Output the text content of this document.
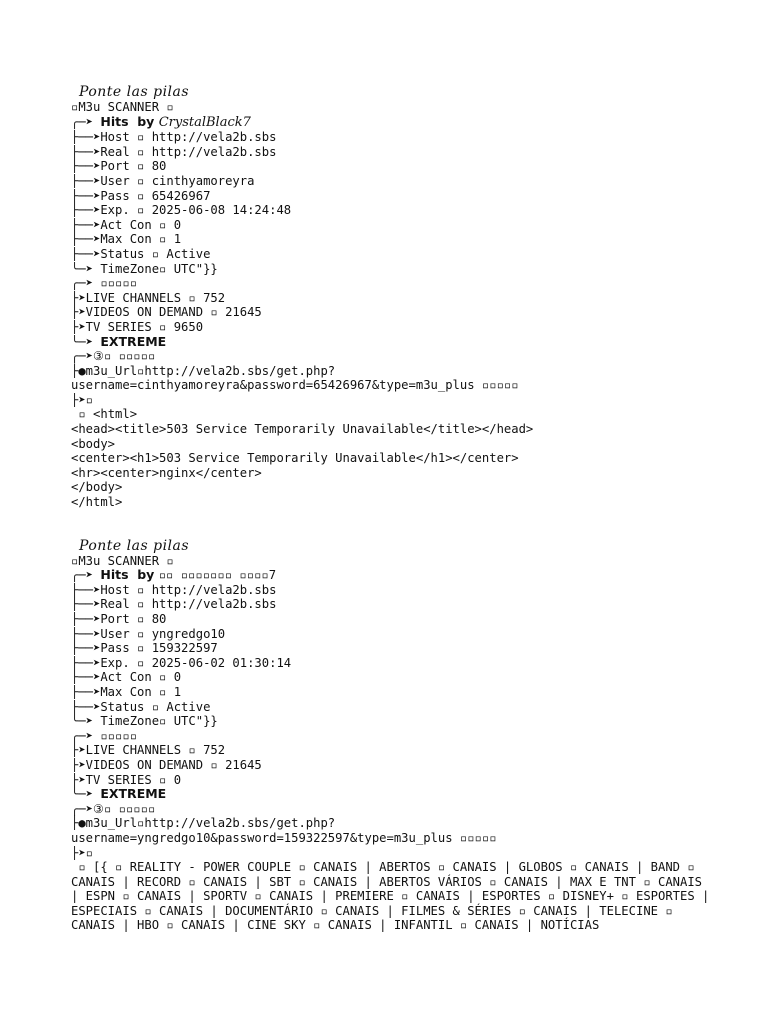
Ponte las pilas
▫M3u SCANNER ▫
╭─➤ Hits  by CrystalBlack7
├──➤Host ▫ http://vela2b.sbs
├──➤Real ▫ http://vela2b.sbs
├──➤Port ▫ 80
├──➤User ▫ cinthyamoreyra
├──➤Pass ▫ 65426967
├──➤Exp. ▫ 2025-06-08 14:24:48
├──➤Act Con ▫ 0
├──➤Max Con ▫ 1
├──➤Status ▫ Active
╰─➤ TimeZone▫ UTC"}}
╭─➤ ▫▫▫▫▫
├➤LIVE CHANNELS ▫ 752
├➤VIDEOS ON DEMAND ▫ 21645
├➤TV SERIES ▫ 9650
╰─➤ EXTREME
╭─➤③▫ ▫▫▫▫▫
├●m3u_Url▫http://vela2b.sbs/get.php?
username=cinthyamoreyra&password=65426967&type=m3u_plus ▫▫▫▫▫
├➤▫
▫ <html>
<head><title>503 Service Temporarily Unavailable</title></head>
<body>
<center><h1>503 Service Temporarily Unavailable</h1></center>
<hr><center>nginx</center>
</body>
</html>
Ponte las pilas
▫M3u SCANNER ▫
╭─➤ Hits  by ▫▫ ▫▫▫▫▫▫▫ ▫▫▫▫7
├──➤Host ▫ http://vela2b.sbs
├──➤Real ▫ http://vela2b.sbs
├──➤Port ▫ 80
├──➤User ▫ yngredgo10
├──➤Pass ▫ 159322597
├──➤Exp. ▫ 2025-06-02 01:30:14
├──➤Act Con ▫ 0
├──➤Max Con ▫ 1
├──➤Status ▫ Active
╰─➤ TimeZone▫ UTC"}}
╭─➤ ▫▫▫▫▫
├➤LIVE CHANNELS ▫ 752
├➤VIDEOS ON DEMAND ▫ 21645
├➤TV SERIES ▫ 0
╰─➤ EXTREME
╭─➤③▫ ▫▫▫▫▫
├●m3u_Url▫http://vela2b.sbs/get.php?
username=yngredgo10&password=159322597&type=m3u_plus ▫▫▫▫▫
├➤▫
▫ [{ ▫ REALITY - POWER COUPLE ▫ CANAIS | ABERTOS ▫ CANAIS | GLOBOS ▫ CANAIS | BAND ▫ CANAIS | RECORD ▫ CANAIS | SBT ▫ CANAIS | ABERTOS VÁRIOS ▫ CANAIS | MAX E TNT ▫ CANAIS | ESPN ▫ CANAIS | SPORTV ▫ CANAIS | PREMIERE ▫ CANAIS | ESPORTES ▫ DISNEY+ ▫ ESPORTES | ESPECIAIS ▫ CANAIS | DOCUMENTÁRIO ▫ CANAIS | FILMES & SÉRIES ▫ CANAIS | TELECINE ▫ CANAIS | HBO ▫ CANAIS | CINE SKY ▫ CANAIS | INFANTIL ▫ CANAIS | NOTÍCIAS
